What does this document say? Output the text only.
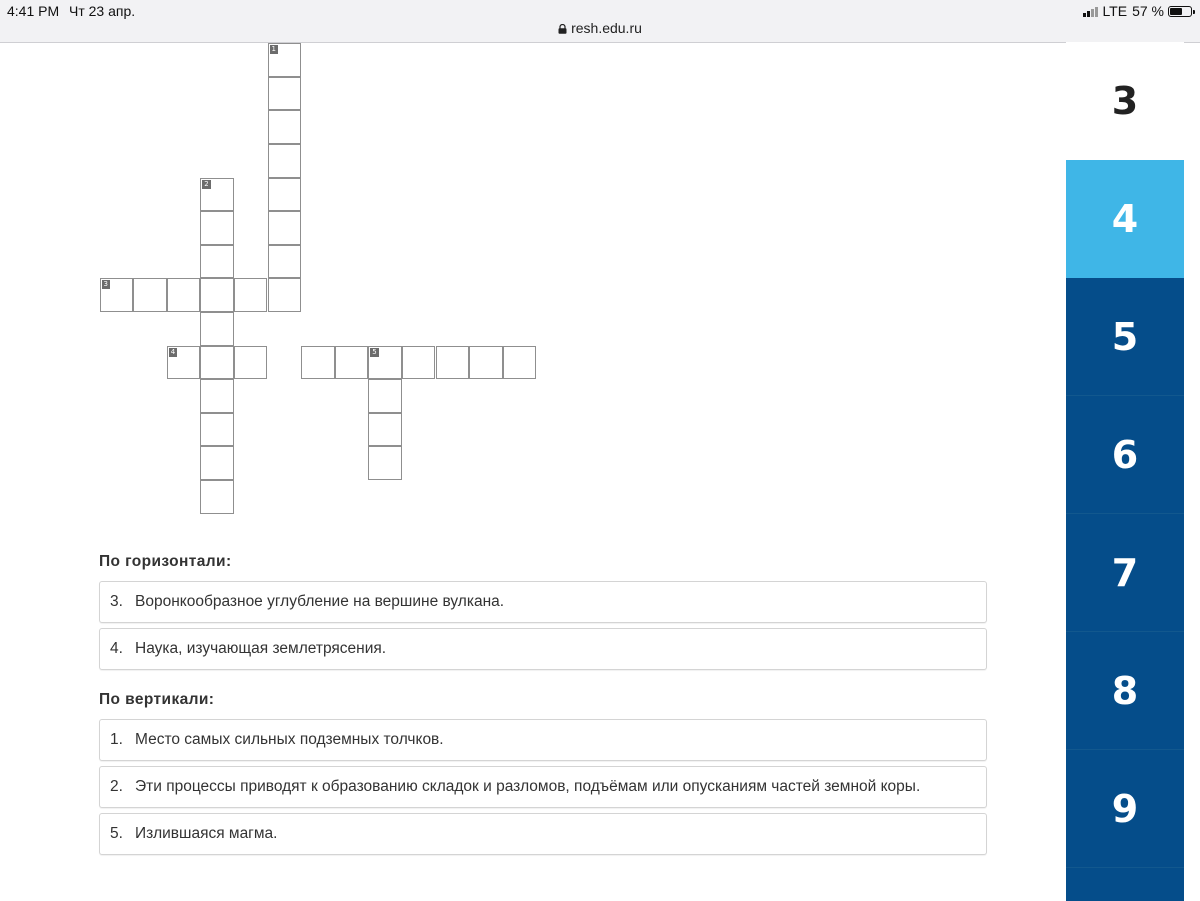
1
2
3
4	5
4:41 PM Чт 23 апр.
resh.edu.ru
LTE 57 %
По горизонтали:
3. Воронкообразное углубление на вершине вулкана.
4. Наука, изучающая землетрясения.
По вертикали:
1. Место самых сильных подземных толчков.
2. Эти процессы приводят к образованию складок и разломов, подъёмам или опусканиям частей земной коры.
5. Излившаяся магма.
3
4
5
6
7
8
9
